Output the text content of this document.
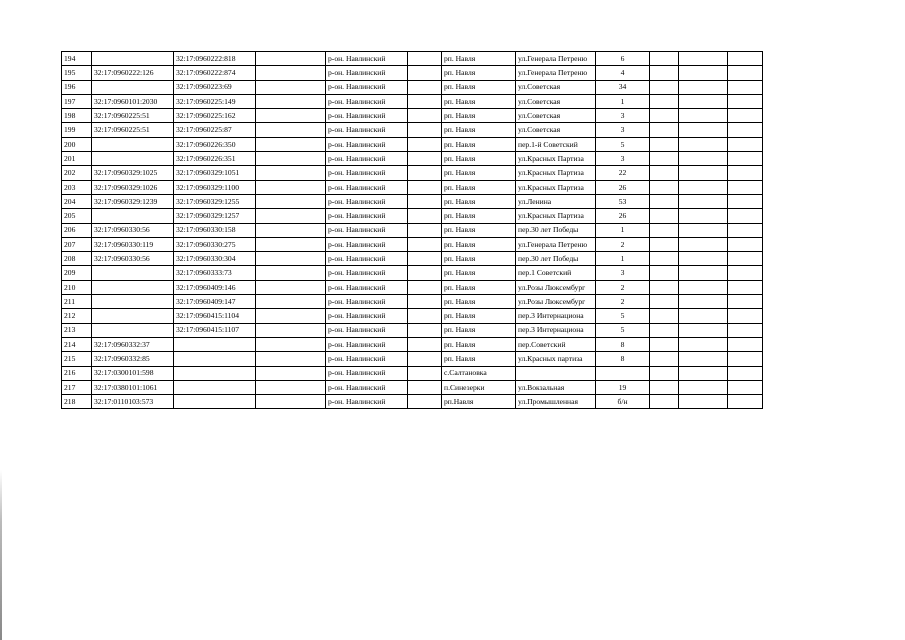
194		32:17:0960222:818		р-он. Навлинский		рп. Навля	ул.Генерала Петреню	6			
195	32:17:0960222:126	32:17:0960222:874		р-он. Навлинский		рп. Навля	ул.Генерала Петреню	4			
196		32:17:0960223:69		р-он. Навлинский		рп. Навля	ул.Советская	34			
197	32:17:0960101:2030	32:17:0960225:149		р-он. Навлинский		рп. Навля	ул.Советская	1			
198	32:17:0960225:51	32:17:0960225:162		р-он. Навлинский		рп. Навля	ул.Советская	3			
199	32:17:0960225:51	32:17:0960225:87		р-он. Навлинский		рп. Навля	ул.Советская	3			
200		32:17:0960226:350		р-он. Навлинский		рп. Навля	пер.1-й Советский	5			
201		32:17:0960226:351		р-он. Навлинский		рп. Навля	ул.Красных Партиза	3			
202	32:17:0960329:1025	32:17:0960329:1051		р-он. Навлинский		рп. Навля	ул.Красных Партиза	22			
203	32:17:0960329:1026	32:17:0960329:1100		р-он. Навлинский		рп. Навля	ул.Красных Партиза	26			
204	32:17:0960329:1239	32:17:0960329:1255		р-он. Навлинский		рп. Навля	ул.Ленина	53			
205		32:17:0960329:1257		р-он. Навлинский		рп. Навля	ул.Красных Партиза	26			
206	32:17:0960330:56	32:17:0960330:158		р-он. Навлинский		рп. Навля	пер.30 лет Победы	1			
207	32:17:0960330:119	32:17:0960330:275		р-он. Навлинский		рп. Навля	ул.Генерала Петреню	2			
208	32:17:0960330:56	32:17:0960330:304		р-он. Навлинский		рп. Навля	пер.30 лет Победы	1			
209		32:17:0960333:73		р-он. Навлинский		рп. Навля	пер.1 Советский	3			
210		32:17:0960409:146		р-он. Навлинский		рп. Навля	ул.Розы Люксембург	2			
211		32:17:0960409:147		р-он. Навлинский		рп. Навля	ул.Розы Люксембург	2			
212		32:17:0960415:1104		р-он. Навлинский		рп. Навля	пер.3 Интернациона	5			
213		32:17:0960415:1107		р-он. Навлинский		рп. Навля	пер.3 Интернациона	5			
214	32:17:0960332:37			р-он. Навлинский		рп. Навля	пер.Советский	8			
215	32:17:0960332:85			р-он. Навлинский		рп. Навля	ул.Красных партиза	8			
216	32:17:0300101:598			р-он. Навлинский		с.Салтановка					
217	32:17:0380101:1061			р-он. Навлинский		п.Синезерки	ул.Вокзальная	19			
218	32:17:0110103:573			р-он. Навлинский		рп.Навля	ул.Промышленная	б/н			
